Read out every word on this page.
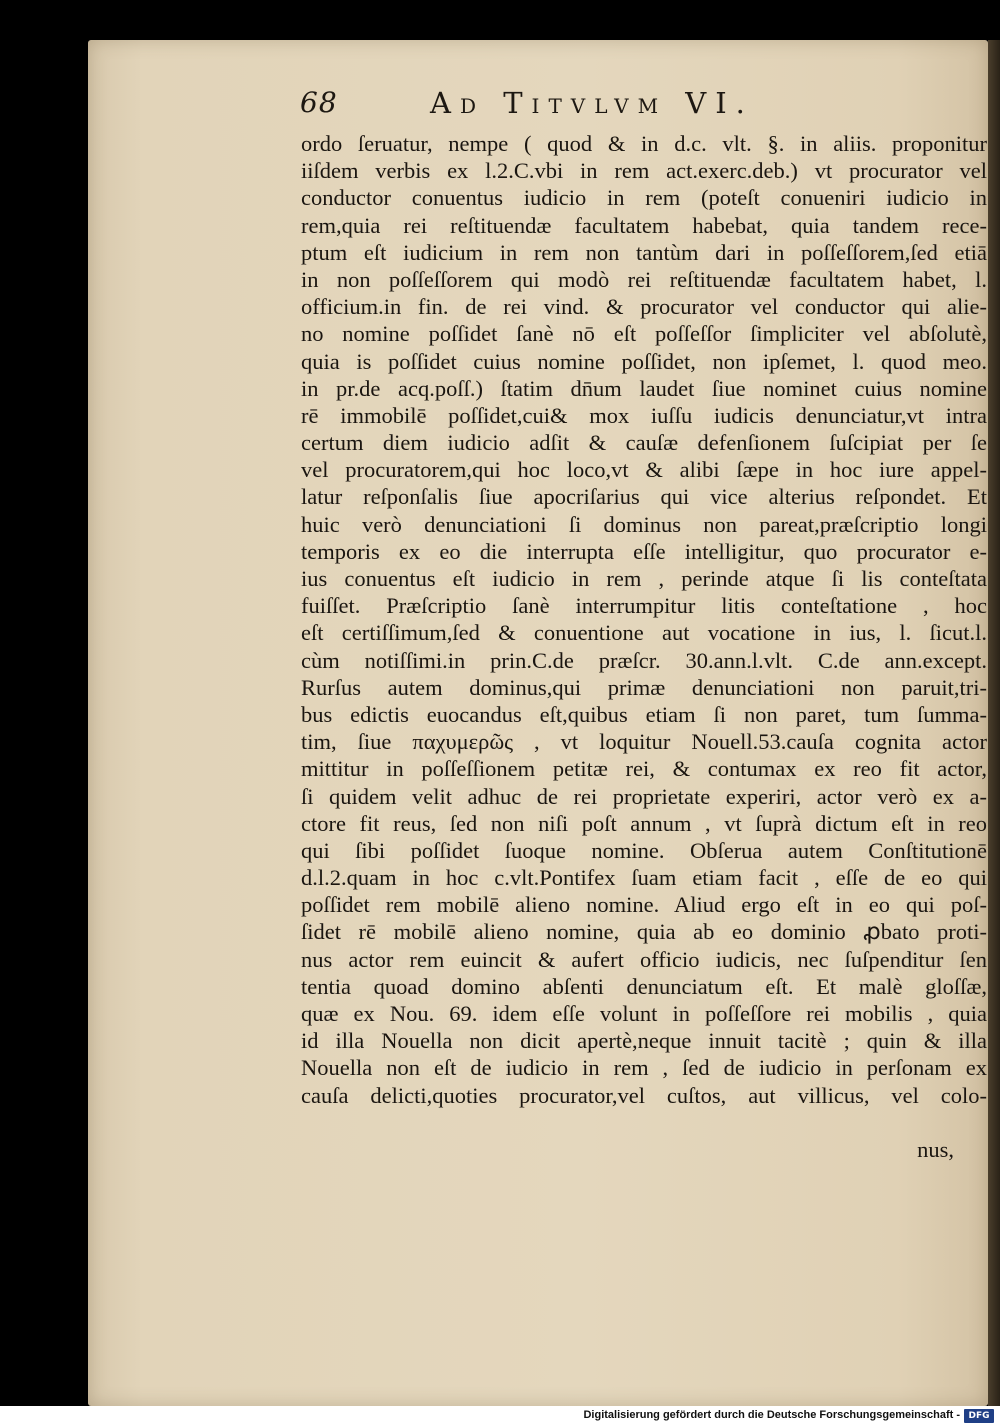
68	Ad Titvlvm VI.
ordo ſeruatur, nempe ( quod & in d.c. vlt. §. in aliis. proponitur
iiſdem verbis ex l.2.C.vbi in rem act.exerc.deb.) vt procurator vel
conductor conuentus iudicio in rem (poteſt conueniri iudicio in
rem,quia rei reſtituendæ facultatem habebat, quia tandem rece-
ptum eſt iudicium in rem non tantùm dari in poſſeſſorem,ſed etiā
in non poſſeſſorem qui modò rei reſtituendæ facultatem habet, l.
officium.in fin. de rei vind. & procurator vel conductor qui alie-
no nomine poſſidet ſanè nō eſt poſſeſſor ſimpliciter vel abſolutè,
quia is poſſidet cuius nomine poſſidet, non ipſemet, l. quod meo.
in pr.de acq.poſſ.) ſtatim dn̄um laudet ſiue nominet cuius nomine
rē immobilē poſſidet,cui& mox iuſſu iudicis denunciatur,vt intra
certum diem iudicio adſit & cauſæ defenſionem ſuſcipiat per ſe
vel procuratorem,qui hoc loco,vt & alibi ſæpe in hoc iure appel-
latur reſponſalis ſiue apocriſarius qui vice alterius reſpondet. Et
huic verò denunciationi ſi dominus non pareat,præſcriptio longi
temporis ex eo die interrupta eſſe intelligitur, quo procurator e-
ius conuentus eſt iudicio in rem , perinde atque ſi lis conteſtata
fuiſſet. Præſcriptio ſanè interrumpitur litis conteſtatione , hoc
eſt certiſſimum,ſed & conuentione aut vocatione in ius, l. ſicut.l.
cùm notiſſimi.in prin.C.de præſcr. 30.ann.l.vlt. C.de ann.except.
Rurſus autem dominus,qui primæ denunciationi non paruit,tri-
bus edictis euocandus eſt,quibus etiam ſi non paret, tum ſumma-
tim, ſiue παχυμερῶς , vt loquitur Nouell.53.cauſa cognita actor
mittitur in poſſeſſionem petitæ rei, & contumax ex reo fit actor,
ſi quidem velit adhuc de rei proprietate experiri, actor verò ex a-
ctore fit reus, ſed non niſi poſt annum , vt ſuprà dictum eſt in reo
qui ſibi poſſidet ſuoque nomine. Obſerua autem Conſtitutionē
d.l.2.quam in hoc c.vlt.Pontifex ſuam etiam facit , eſſe de eo qui
poſſidet rem mobilē alieno nomine. Aliud ergo eſt in eo qui poſ-
ſidet rē mobilē alieno nomine, quia ab eo dominio ꝓbato proti-
nus actor rem euincit & aufert officio iudicis, nec ſuſpenditur ſen
tentia quoad domino abſenti denunciatum eſt. Et malè gloſſæ,
quæ ex Nou. 69. idem eſſe volunt in poſſeſſore rei mobilis , quia
id illa Nouella non dicit apertè,neque innuit tacitè ; quin & illa
Nouella non eſt de iudicio in rem , ſed de iudicio in perſonam ex
cauſa delicti,quoties procurator,vel cuſtos, aut villicus, vel colo-
nus,
Digitalisierung gefördert durch die Deutsche Forschungsgemeinschaft - DFG
